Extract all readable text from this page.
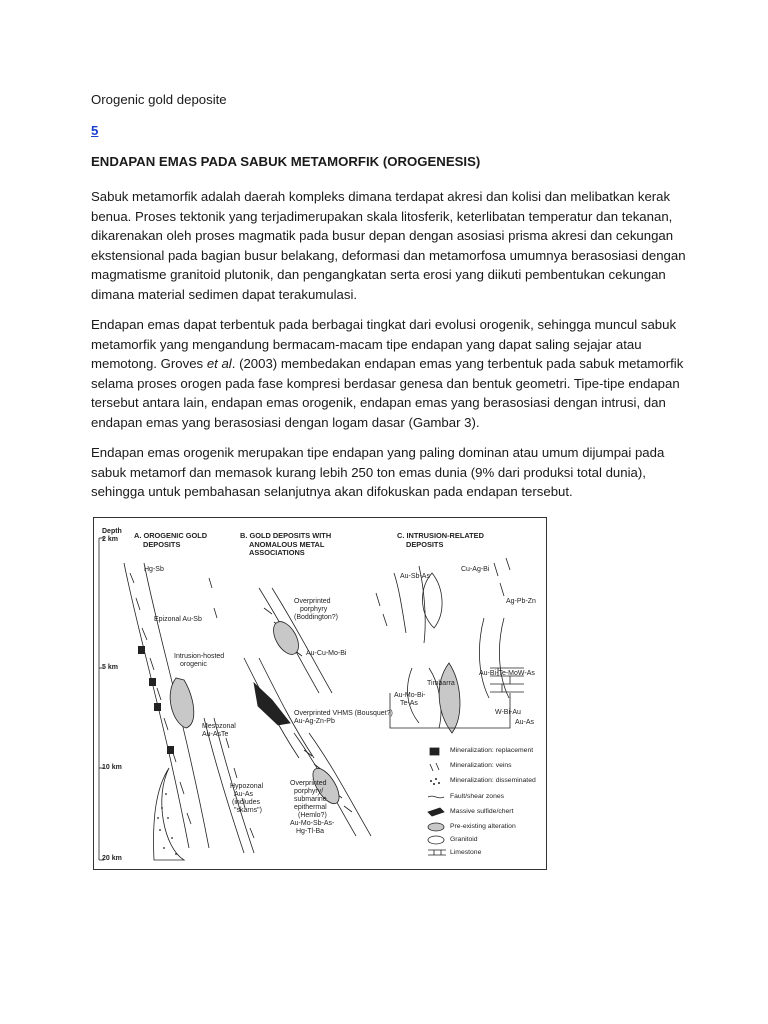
Orogenic gold deposite
5
ENDAPAN EMAS PADA SABUK METAMORFIK (OROGENESIS)
Sabuk metamorfik adalah daerah kompleks dimana terdapat akresi dan kolisi dan melibatkan kerak benua. Proses tektonik yang terjadimerupakan skala litosferik, keterlibatan temperatur dan tekanan, dikarenakan oleh proses magmatik pada busur depan dengan asosiasi prisma akresi dan cekungan ekstensional pada bagian busur belakang, deformasi dan metamorfosa umumnya berasosiasi dengan magmatisme granitoid plutonik, dan pengangkatan serta erosi yang diikuti pembentukan cekungan dimana material sedimen dapat terakumulasi.
Endapan emas dapat terbentuk pada berbagai tingkat dari evolusi orogenik, sehingga muncul sabuk metamorfik yang mengandung bermacam-macam tipe endapan yang dapat saling sejajar atau memotong. Groves et al. (2003) membedakan endapan emas yang terbentuk pada sabuk metamorfik selama proses orogen pada fase kompresi berdasar genesa dan bentuk geometri. Tipe-tipe endapan tersebut antara lain, endapan emas orogenik, endapan emas yang berasosiasi dengan intrusi, dan endapan emas yang berasosiasi dengan logam dasar (Gambar 3).
Endapan emas orogenik merupakan tipe endapan yang paling dominan atau umum dijumpai pada sabuk metamorf dan memasok kurang lebih 250 ton emas dunia (9% dari produksi total dunia), sehingga untuk pembahasan selanjutnya akan difokuskan pada endapan tersebut.
Depth
2 km
5 km
10 km
20 km
A. OROGENIC GOLD
DEPOSITS
B. GOLD DEPOSITS WITH
ANOMALOUS METAL
ASSOCIATIONS
C. INTRUSION-RELATED
DEPOSITS
Hg-Sb
Epizonal Au-Sb
Intrusion-hosted
orogenic
Mesozonal
Au-AsTe
Hypozonal
Au-As
(includes
"skarns")
Overprinted
porphyry
(Boddington?)
Au-Cu-Mo-Bi
Overprinted VHMS (Bousquet?)
Au-Ag-Zn-Pb
Overprinted
porphyry/
submarine
epithermal
(Hemlo?)
Au-Mo-Sb-As-
Hg-Tl-Ba
Au-Sb-As
Cu-Ag-Bi
Ag-Pb-Zn
Timbarra
Au-Mo-Bi-
Te-As
Au-Bi-Te-MoW-As
W-Bi-Au
Au-As
Mineralization: replacement
Mineralization: veins
Mineralization: disseminated
Fault/shear zones
Massive sulfide/chert
Pre-existing alteration
Granitoid
Limestone
